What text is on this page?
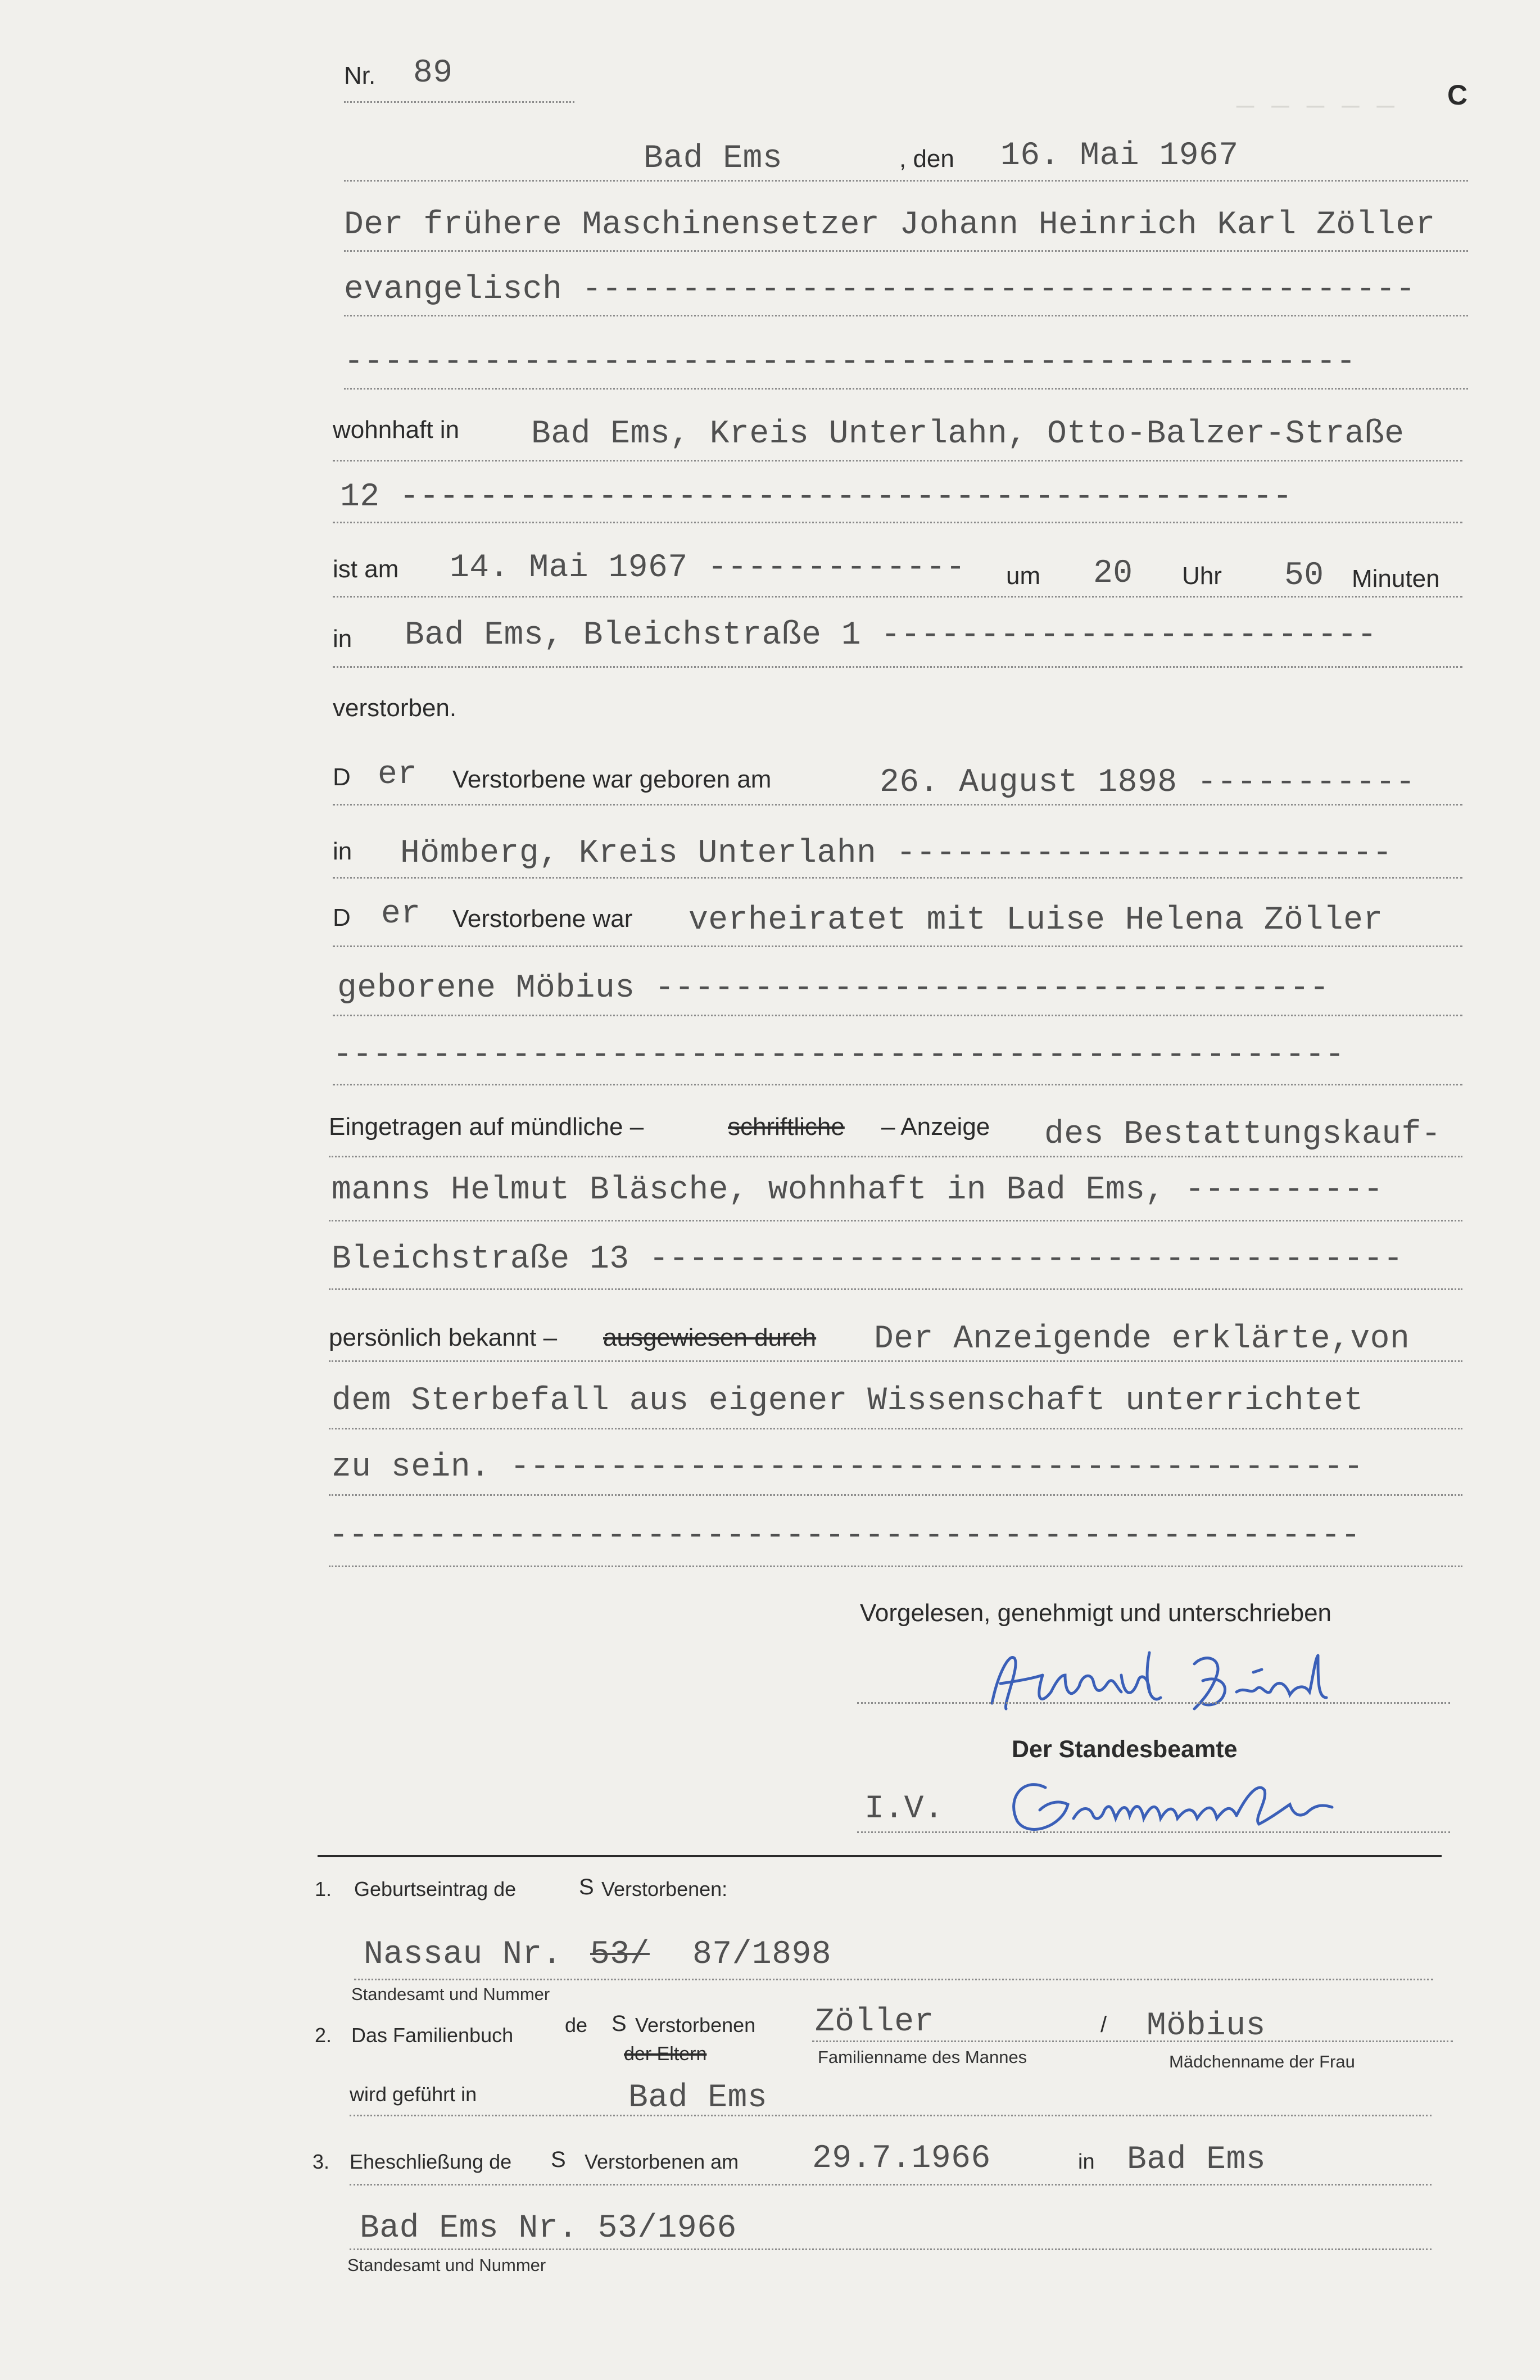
— — — — —
Nr. 89
C
Bad Ems	, den 16. Mai 1967
Der frühere Maschinensetzer Johann Heinrich Karl Zöller
evangelisch ------------------------------------------
---------------------------------------------------
wohnhaft in Bad Ems, Kreis Unterlahn, Otto-Balzer-Straße
12 ---------------------------------------------
ist am 14. Mai 1967 ------------- um 20 Uhr 50 Minuten
in Bad Ems, Bleichstraße 1 -------------------------
verstorben.
D er Verstorbene war geboren am	26. August 1898 -----------
in Hömberg, Kreis Unterlahn -------------------------
D er Verstorbene war verheiratet mit Luise Helena Zöller
geborene Möbius ----------------------------------
---------------------------------------------------
Eingetragen auf mündliche –	schriftliche – Anzeige des Bestattungskauf-
manns Helmut Bläsche, wohnhaft in Bad Ems, ----------
Bleichstraße 13 --------------------------------------
persönlich bekannt – ausgewiesen durch Der Anzeigende erklärte,von
dem Sterbefall aus eigener Wissenschaft unterrichtet
zu sein. -------------------------------------------
----------------------------------------------------
Vorgelesen, genehmigt und unterschrieben
Der Standesbeamte
I.V.
1. Geburtseintrag de	S Verstorbenen:
Nassau Nr. 53/ 87/1898
Standesamt und Nummer
2. Das Familienbuch	de S Verstorbenen
der Eltern
Zöller	/ Möbius
Familienname des Mannes	Mädchenname der Frau
wird geführt in	Bad Ems
3. Eheschließung de S Verstorbenen am 29.7.1966	in Bad Ems
Bad Ems Nr. 53/1966
Standesamt und Nummer
